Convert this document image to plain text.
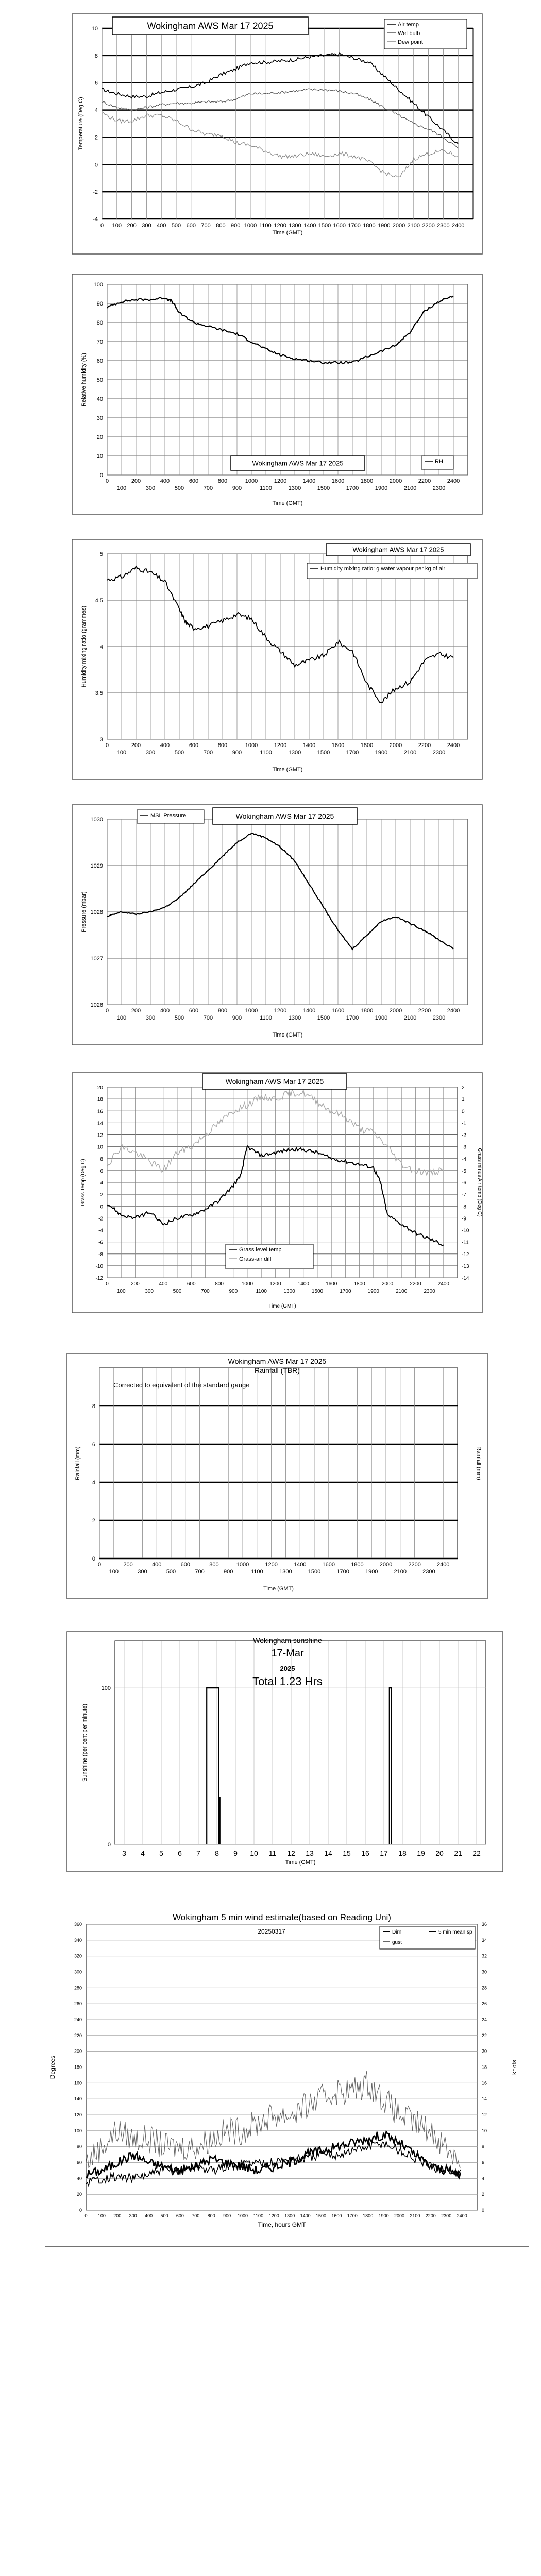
-4
-2
0
2
4
6
8
10
0 100 200 300 400 500 600 700 800 900 1000 1100 1200 1300 1400 1500 1600 1700 1800 1900 2000 2100 2200 2300 2400
Time (GMT)
Temperature (Deg C)
Wokingham AWS Mar 17 2025	Air temp
Wet bulb
Dew point
0
10
20
30
40
50
60
70
80
90
100
0	200	400	600	800	1000	1200	1400	1600	1800	2000	2200	2400
100	300	500	700	900	1100	1300	1500	1700	1900	2100	2300
Time (GMT)
Relative humidity (%)
Wokingham AWS Mar 17 2025	RH
3
3.5
4
4.5
5
0	200	400	600	800	1000	1200	1400	1600	1800	2000	2200	2400
100	300	500	700	900	1100	1300	1500	1700	1900	2100	2300
Time (GMT)
Humidity mixing ratio (grammes)
Wokingham AWS Mar 17 2025
Humidity mixing ratio: g water vapour per kg of air
1026
1027
1028
1029
1030
0	200	400	600	800	1000	1200	1400	1600	1800	2000	2200	2400
100	300	500	700	900	1100	1300	1500	1700	1900	2100	2300
Time (GMT)
Pressure (mbar)
Wokingham AWS Mar 17 2025
MSL Pressure
-12
-10
-8
-6
-4
-2
0
2
4
6
8
10
12
14
16
18
20
-14
-13
-12
-11
-10
-9
-8
-7
-6
-5
-4
-3
-2
-1
0
1
2
0	200	400	600	800	1000	1200	1400	1600	1800	2000	2200	2400
100	300	500	700	900	1100	1300	1500	1700	1900	2100	2300
Time (GMT)
Grass Temp (Deg C)	Grass minus Air temp (Deg C)
Wokingham AWS Mar 17 2025
Grass level temp
Grass-air diff
0
2
4
6
8
0	200	400	600	800	1000	1200	1400	1600	1800	2000	2200	2400
100	300	500	700	900	1100	1300	1500	1700	1900	2100	2300
Time (GMT)
Rainfall (mm)	Rainfall (mm)
Wokingham AWS Mar 17 2025
Rainfall (TBR)
Corrected to equivalent of the standard gauge
3 4 5 6 7 8 9 10 11 12 13 14 15 16 17 18 19 20 21 22
0
100
Wokingham sunshine
17-Mar
2025
Total 1.23 Hrs
Time (GMT)
Sunshine (per cent per minute)
0
20
40
60
80
100
120
140
160
180
200
220
240
260
280
300
320
340
360
0
2
4
6
8
10
12
14
16
18
20
22
24
26
28
30
32
34
36
0 100 200 300 400 500 600 700 800 900 1000 1100 1200 1300 1400 1500 1600 1700 1800 1900 2000 2100 2200 2300 2400
Wokingham 5 min wind estimate(based on Reading Uni)
20250317	Dirn	5 min mean sp
gust
Time, hours GMT
Degrees	knots
